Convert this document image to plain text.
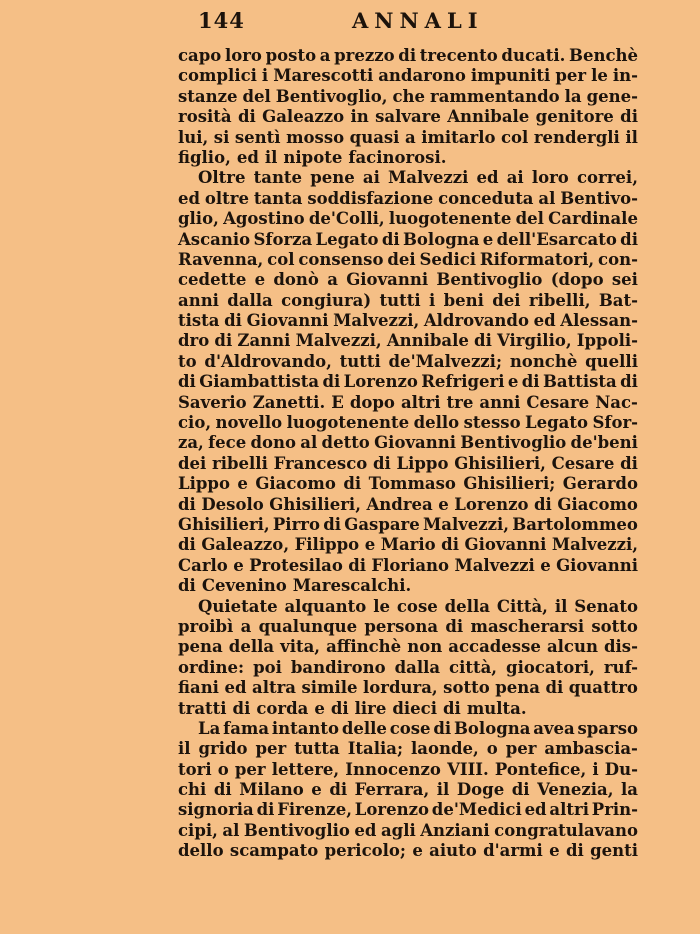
144	ANNALI
capo loro posto a prezzo di trecento ducati. Benchè
complici i Marescotti andarono impuniti per le in-
stanze del Bentivoglio, che rammentando la gene-
rosità di Galeazzo in salvare Annibale genitore di
lui, si sentì mosso quasi a imitarlo col rendergli il
figlio, ed il nipote facinorosi.
Oltre tante pene ai Malvezzi ed ai loro correi,
ed oltre tanta soddisfazione conceduta al Bentivo-
glio, Agostino de'Colli, luogotenente del Cardinale
Ascanio Sforza Legato di Bologna e dell'Esarcato di
Ravenna, col consenso dei Sedici Riformatori, con-
cedette e donò a Giovanni Bentivoglio (dopo sei
anni dalla congiura) tutti i beni dei ribelli, Bat-
tista di Giovanni Malvezzi, Aldrovando ed Alessan-
dro di Zanni Malvezzi, Annibale di Virgilio, Ippoli-
to d'Aldrovando, tutti de'Malvezzi; nonchè quelli
di Giambattista di Lorenzo Refrigeri e di Battista di
Saverio Zanetti. E dopo altri tre anni Cesare Nac-
cio, novello luogotenente dello stesso Legato Sfor-
za, fece dono al detto Giovanni Bentivoglio de'beni
dei ribelli Francesco di Lippo Ghisilieri, Cesare di
Lippo e Giacomo di Tommaso Ghisilieri; Gerardo
di Desolo Ghisilieri, Andrea e Lorenzo di Giacomo
Ghisilieri, Pirro di Gaspare Malvezzi, Bartolommeo
di Galeazzo, Filippo e Mario di Giovanni Malvezzi,
Carlo e Protesilao di Floriano Malvezzi e Giovanni
di Cevenino Marescalchi.
Quietate alquanto le cose della Città, il Senato
proibì a qualunque persona di mascherarsi sotto
pena della vita, affinchè non accadesse alcun dis-
ordine: poi bandirono dalla città, giocatori, ruf-
fiani ed altra simile lordura, sotto pena di quattro
tratti di corda e di lire dieci di multa.
La fama intanto delle cose di Bologna avea sparso
il grido per tutta Italia; laonde, o per ambascia-
tori o per lettere, Innocenzo VIII. Pontefice, i Du-
chi di Milano e di Ferrara, il Doge di Venezia, la
signoria di Firenze, Lorenzo de'Medici ed altri Prin-
cipi, al Bentivoglio ed agli Anziani congratulavano
dello scampato pericolo; e aiuto d'armi e di genti
